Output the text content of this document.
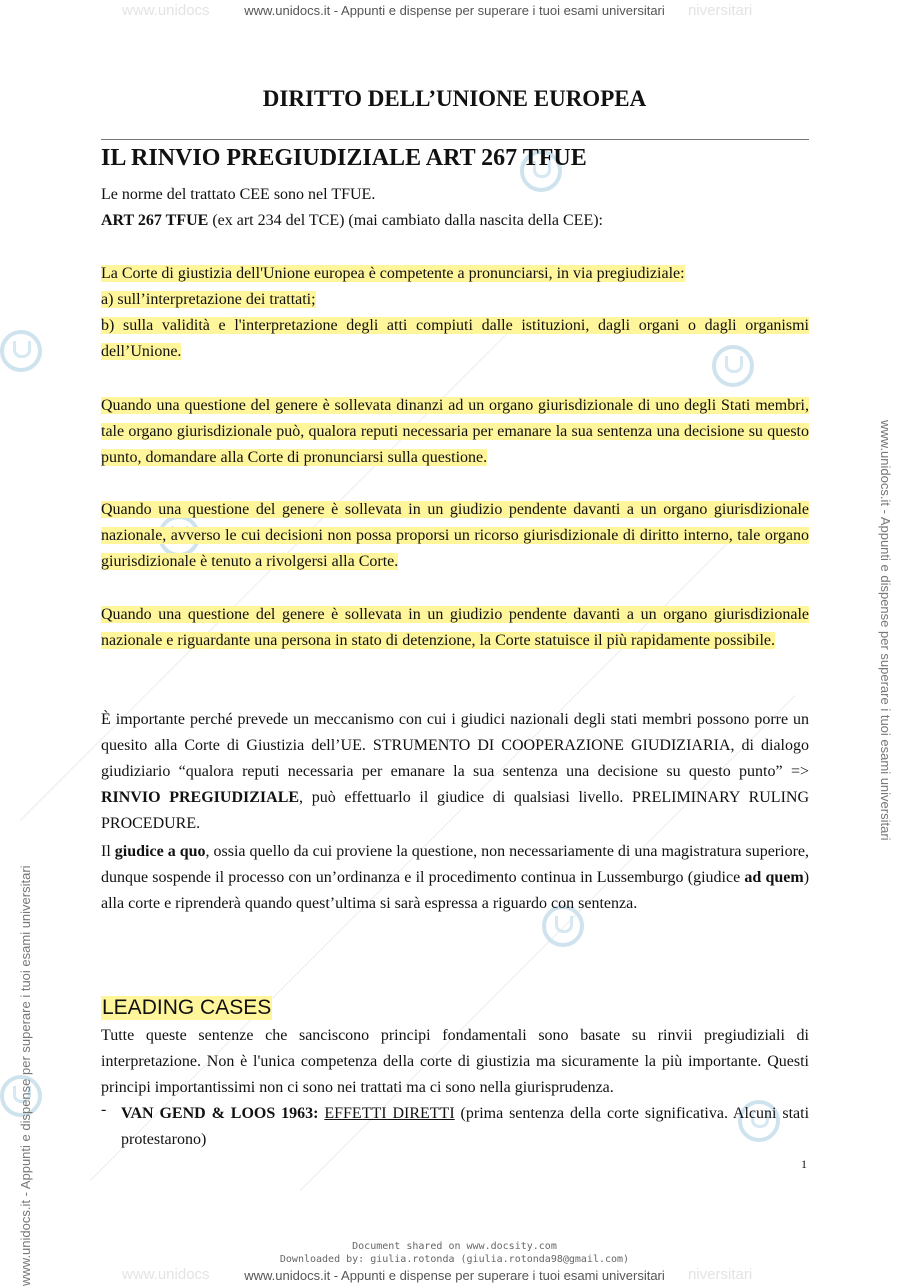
www.unidocs	niversitari
www.unidocs	niversitari
www.unidocs.it - Appunti e dispense per superare i tuoi esami universitari
www.unidocs.it - Appunti e dispense per superare i tuoi esami universitari
www.unidocs.it - Appunti e dispense per superare i tuoi esami universitari
www.unidocs.it - Appunti e dispense per superare i tuoi esami universitari
DIRITTO DELL’UNIONE EUROPEA
IL RINVIO PREGIUDIZIALE ART 267 TFUE
Le norme del trattato CEE sono nel TFUE.
ART 267 TFUE (ex art 234 del TCE) (mai cambiato dalla nascita della CEE):
La Corte di giustizia dell'Unione europea è competente a pronunciarsi, in via pregiudiziale:
a) sull’interpretazione dei trattati;
b) sulla validità e l'interpretazione degli atti compiuti dalle istituzioni, dagli organi o dagli organismi dell’Unione.
Quando una questione del genere è sollevata dinanzi ad un organo giurisdizionale di uno degli Stati membri, tale organo giurisdizionale può, qualora reputi necessaria per emanare la sua sentenza una decisione su questo punto, domandare alla Corte di pronunciarsi sulla questione.
Quando una questione del genere è sollevata in un giudizio pendente davanti a un organo giurisdizionale nazionale, avverso le cui decisioni non possa proporsi un ricorso giurisdizionale di diritto interno, tale organo giurisdizionale è tenuto a rivolgersi alla Corte.
Quando una questione del genere è sollevata in un giudizio pendente davanti a un organo giurisdizionale nazionale e riguardante una persona in stato di detenzione, la Corte statuisce il più rapidamente possibile.
È importante perché prevede un meccanismo con cui i giudici nazionali degli stati membri possono porre un quesito alla Corte di Giustizia dell’UE. STRUMENTO DI COOPERAZIONE GIUDIZIARIA, di dialogo giudiziario “qualora reputi necessaria per emanare la sua sentenza una decisione su questo punto” => RINVIO PREGIUDIZIALE, può effettuarlo il giudice di qualsiasi livello. PRELIMINARY RULING PROCEDURE.
Il giudice a quo, ossia quello da cui proviene la questione, non necessariamente di una magistratura superiore, dunque sospende il processo con un’ordinanza e il procedimento continua in Lussemburgo (giudice ad quem) alla corte e riprenderà quando quest’ultima si sarà espressa a riguardo con sentenza.
LEADING CASES
Tutte queste sentenze che sanciscono principi fondamentali sono basate su rinvii pregiudiziali di interpretazione. Non è l'unica competenza della corte di giustizia ma sicuramente la più importante. Questi principi importantissimi non ci sono nei trattati ma ci sono nella giurisprudenza.
- VAN GEND & LOOS 1963: EFFETTI DIRETTI (prima sentenza della corte significativa. Alcuni stati protestarono)
1
Document shared on www.docsity.com
Downloaded by: giulia.rotonda (giulia.rotonda98@gmail.com)
